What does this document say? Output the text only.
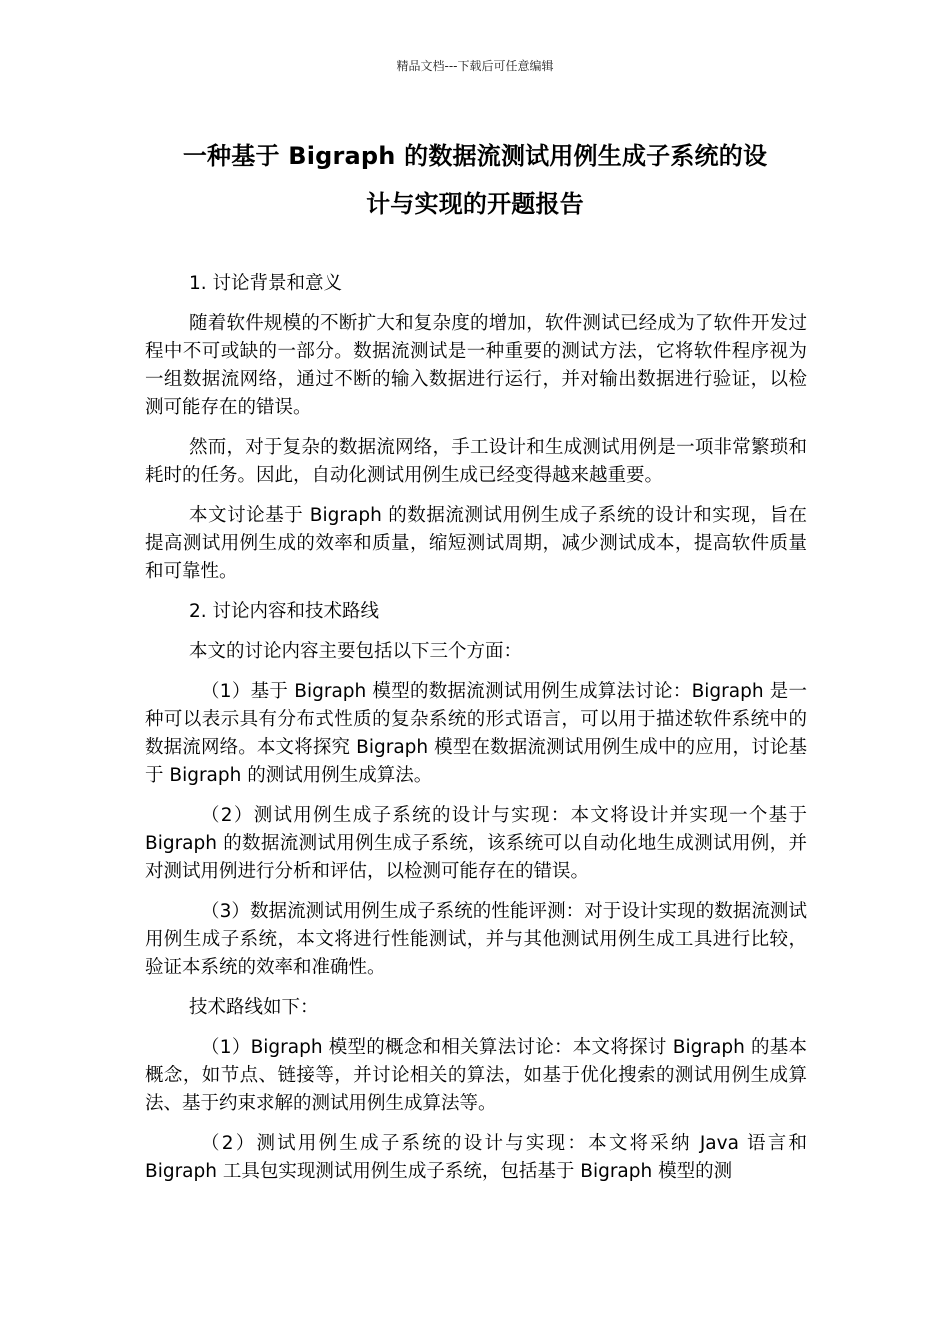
精品文档---下载后可任意编辑
一种基于 Bigraph 的数据流测试用例生成子系统的设
计与实现的开题报告

1. 讨论背景和意义

随着软件规模的不断扩大和复杂度的增加，软件测试已经成为了软件开发过程中不可或缺的一部分。数据流测试是一种重要的测试方法，它将软件程序视为一组数据流网络，通过不断的输入数据进行运行，并对输出数据进行验证，以检测可能存在的错误。

然而，对于复杂的数据流网络，手工设计和生成测试用例是一项非常繁琐和耗时的任务。因此，自动化测试用例生成已经变得越来越重要。

本文讨论基于 Bigraph 的数据流测试用例生成子系统的设计和实现，旨在提高测试用例生成的效率和质量，缩短测试周期，减少测试成本，提高软件质量和可靠性。

2. 讨论内容和技术路线

本文的讨论内容主要包括以下三个方面：

（1）基于 Bigraph 模型的数据流测试用例生成算法讨论：Bigraph 是一种可以表示具有分布式性质的复杂系统的形式语言，可以用于描述软件系统中的数据流网络。本文将探究 Bigraph 模型在数据流测试用例生成中的应用，讨论基于 Bigraph 的测试用例生成算法。

（2）测试用例生成子系统的设计与实现：本文将设计并实现一个基于 Bigraph 的数据流测试用例生成子系统，该系统可以自动化地生成测试用例，并对测试用例进行分析和评估，以检测可能存在的错误。

（3）数据流测试用例生成子系统的性能评测：对于设计实现的数据流测试用例生成子系统，本文将进行性能测试，并与其他测试用例生成工具进行比较，验证本系统的效率和准确性。

技术路线如下：

（1）Bigraph 模型的概念和相关算法讨论：本文将探讨 Bigraph 的基本概念，如节点、链接等，并讨论相关的算法，如基于优化搜索的测试用例生成算法、基于约束求解的测试用例生成算法等。

（2）测试用例生成子系统的设计与实现：本文将采纳 Java 语言和 Bigraph 工具包实现测试用例生成子系统，包括基于 Bigraph 模型的测
